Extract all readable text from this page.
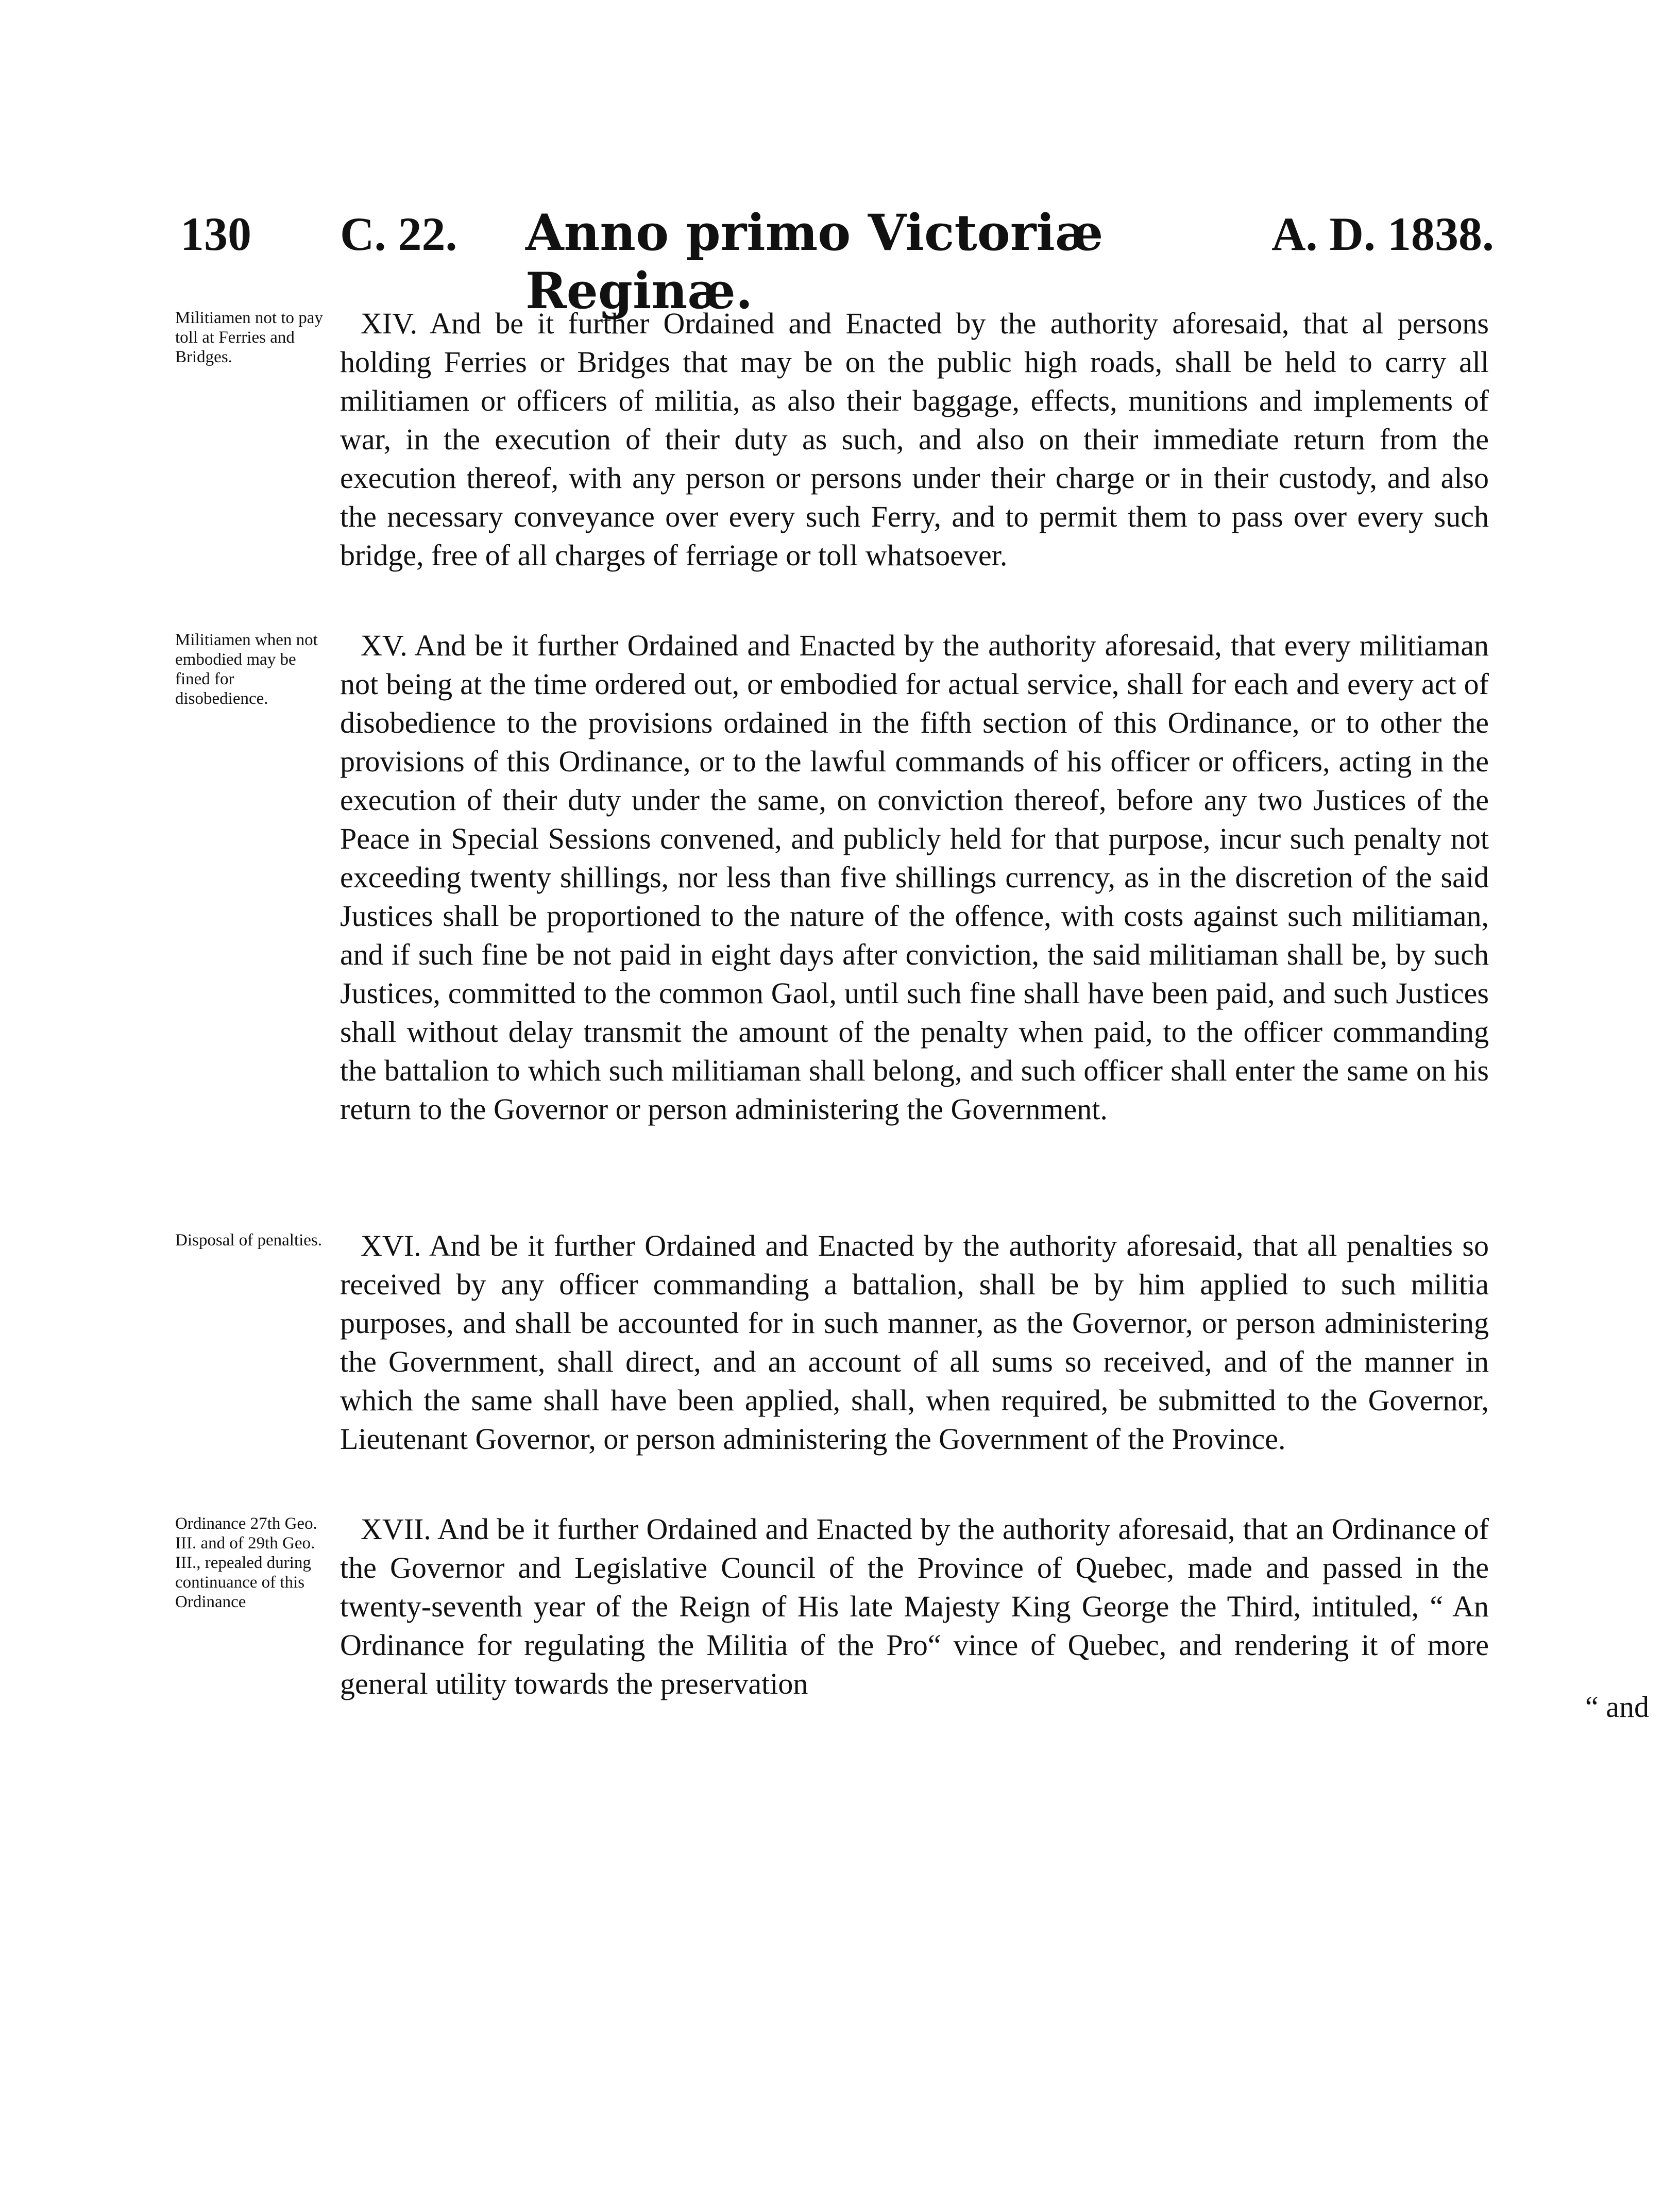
130	C. 22.	Anno primo Victoriæ Reginæ.
A. D. 1838.
Militiamen not to pay toll at Ferries and Bridges.
XIV. And be it further Ordained and Enacted by the authority aforesaid, that al persons holding Ferries or Bridges that may be on the public high roads, shall be held to carry all militiamen or officers of militia, as also their baggage, effects, munitions and implements of war, in the execution of their duty as such, and also on their immediate return from the execution thereof, with any person or persons under their charge or in their custody, and also the necessary conveyance over every such Ferry, and to permit them to pass over every such bridge, free of all charges of ferriage or toll whatsoever.
Militiamen when not embodied may be fined for disobedience.
XV. And be it further Ordained and Enacted by the authority aforesaid, that every militiaman not being at the time ordered out, or embodied for actual service, shall for each and every act of disobedience to the provisions ordained in the fifth section of this Ordinance, or to other the provisions of this Ordinance, or to the lawful commands of his officer or officers, acting in the execution of their duty under the same, on conviction thereof, before any two Justices of the Peace in Special Sessions convened, and publicly held for that purpose, incur such penalty not exceeding twenty shillings, nor less than five shillings currency, as in the discretion of the said Justices shall be proportioned to the nature of the offence, with costs against such militiaman, and if such fine be not paid in eight days after conviction, the said militiaman shall be, by such Justices, committed to the common Gaol, until such fine shall have been paid, and such Justices shall without delay transmit the amount of the penalty when paid, to the officer commanding the battalion to which such militiaman shall belong, and such officer shall enter the same on his return to the Governor or person administering the Government.
Disposal of penalties.	XVI. And be it further Ordained and Enacted by the authority aforesaid, that all penalties so received by any officer commanding a battalion, shall be by him applied to such militia purposes, and shall be accounted for in such manner, as the Governor, or person administering the Government, shall direct, and an account of all sums so received, and of the manner in which the same shall have been applied, shall, when required, be submitted to the Governor, Lieutenant Governor, or person administering the Government of the Province.
Ordinance 27th Geo. III. and of 29th Geo. III., repealed during continuance of this Ordinance
XVII. And be it further Ordained and Enacted by the authority aforesaid, that an Ordinance of the Governor and Legislative Council of the Province of Quebec, made and passed in the twenty-seventh year of the Reign of His late Majesty King George the Third, intituled, “ An Ordinance for regulating the Militia of the Pro“ vince of Quebec, and rendering it of more general utility towards the preservation
“ and
